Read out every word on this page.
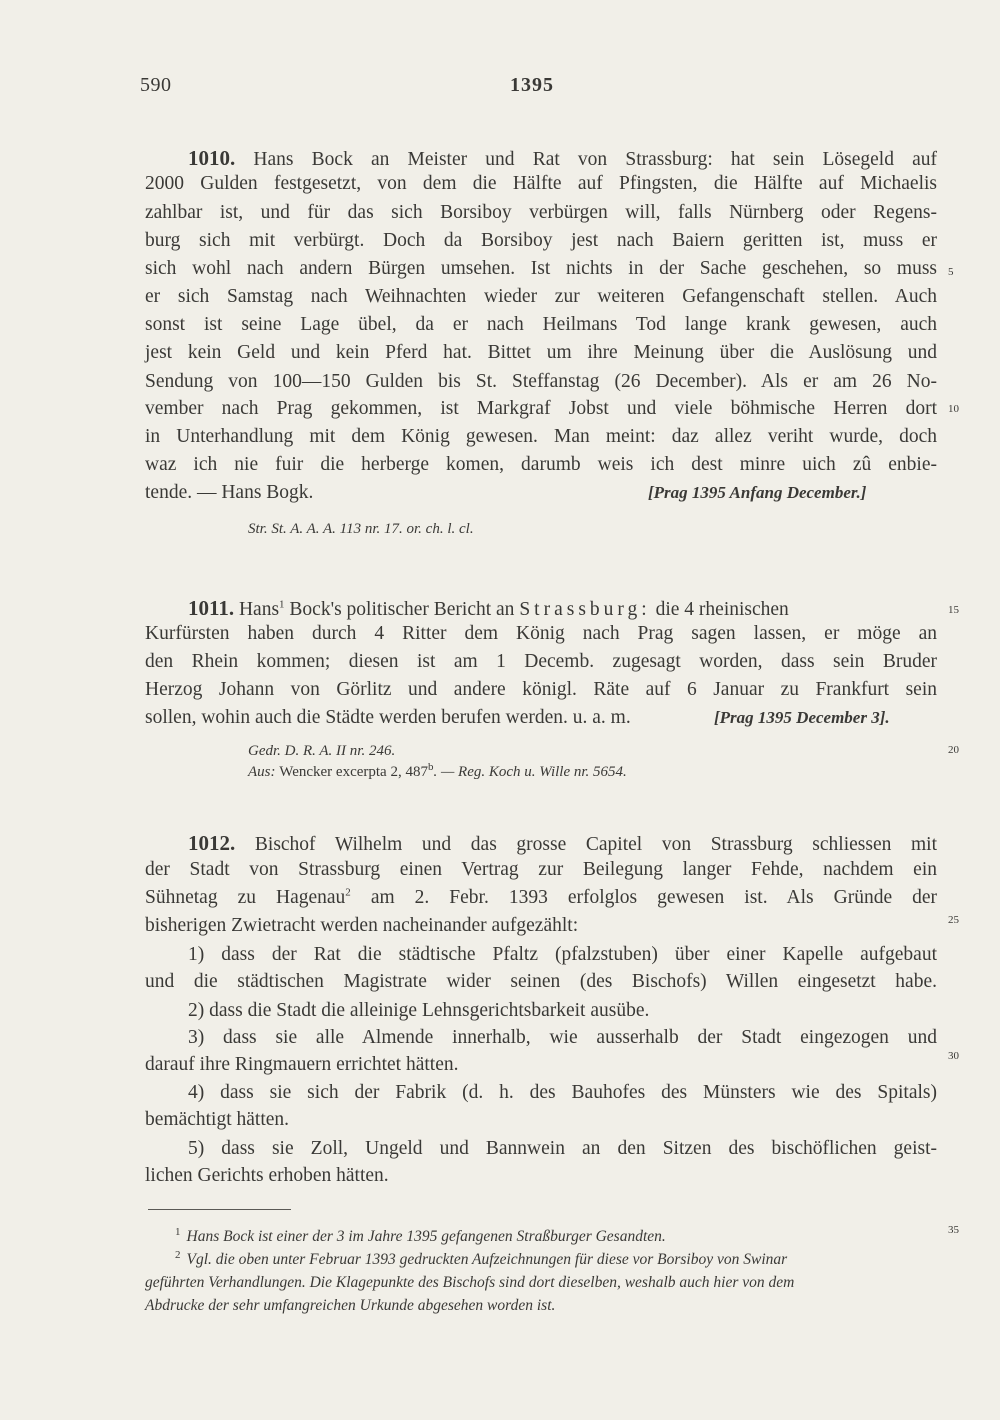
590	1395
1010. Hans Bock an Meister und Rat von Strassburg: hat sein Lösegeld auf
2000 Gulden festgesetzt, von dem die Hälfte auf Pfingsten, die Hälfte auf Michaelis
zahlbar ist, und für das sich Borsiboy verbürgen will, falls Nürnberg oder Regens-
burg sich mit verbürgt. Doch da Borsiboy jest nach Baiern geritten ist, muss er
sich wohl nach andern Bürgen umsehen. Ist nichts in der Sache geschehen, so muss
er sich Samstag nach Weihnachten wieder zur weiteren Gefangenschaft stellen. Auch
sonst ist seine Lage übel, da er nach Heilmans Tod lange krank gewesen, auch
jest kein Geld und kein Pferd hat. Bittet um ihre Meinung über die Auslösung und
Sendung von 100—150 Gulden bis St. Steffanstag (26 December). Als er am 26 No-
vember nach Prag gekommen, ist Markgraf Jobst und viele böhmische Herren dort
in Unterhandlung mit dem König gewesen. Man meint: daz allez veriht wurde, doch
waz ich nie fuir die herberge komen, darumb weis ich dest minre uich zû enbie-
tende. — Hans Bogk.	[Prag 1395 Anfang December.]
Str. St. A. A. A. 113 nr. 17. or. ch. l. cl.
1011. Hans$^1$ Bock's politischer Bericht an Strassburg: die 4 rheinischen
Kurfürsten haben durch 4 Ritter dem König nach Prag sagen lassen, er möge an
den Rhein kommen; diesen ist am 1 Decemb. zugesagt worden, dass sein Bruder
Herzog Johann von Görlitz und andere königl. Räte auf 6 Januar zu Frankfurt sein
sollen, wohin auch die Städte werden berufen werden. u. a. m.	[Prag 1395 December 3].
Gedr. D. R. A. II nr. 246.
Aus: Wencker excerpta 2, 487$^b$. — Reg. Koch u. Wille nr. 5654.
1012. Bischof Wilhelm und das grosse Capitel von Strassburg schliessen mit
der Stadt von Strassburg einen Vertrag zur Beilegung langer Fehde, nachdem ein
Sühnetag zu Hagenau$^2$ am 2. Febr. 1393 erfolglos gewesen ist. Als Gründe der
bisherigen Zwietracht werden nacheinander aufgezählt:
1) dass der Rat die städtische Pfaltz (pfalzstuben) über einer Kapelle aufgebaut
und die städtischen Magistrate wider seinen (des Bischofs) Willen eingesetzt habe.
2) dass die Stadt die alleinige Lehnsgerichtsbarkeit ausübe.
3) dass sie alle Almende innerhalb, wie ausserhalb der Stadt eingezogen und
darauf ihre Ringmauern errichtet hätten.
4) dass sie sich der Fabrik (d. h. des Bauhofes des Münsters wie des Spitals)
bemächtigt hätten.
5) dass sie Zoll, Ungeld und Bannwein an den Sitzen des bischöflichen geist-
lichen Gerichts erhoben hätten.
5
10
15
20
25
30
35
$^1$ Hans Bock ist einer der 3 im Jahre 1395 gefangenen Straßburger Gesandten.
$^2$ Vgl. die oben unter Februar 1393 gedruckten Aufzeichnungen für diese vor Borsiboy von Swinar
geführten Verhandlungen. Die Klagepunkte des Bischofs sind dort dieselben, weshalb auch hier von dem
Abdrucke der sehr umfangreichen Urkunde abgesehen worden ist.
